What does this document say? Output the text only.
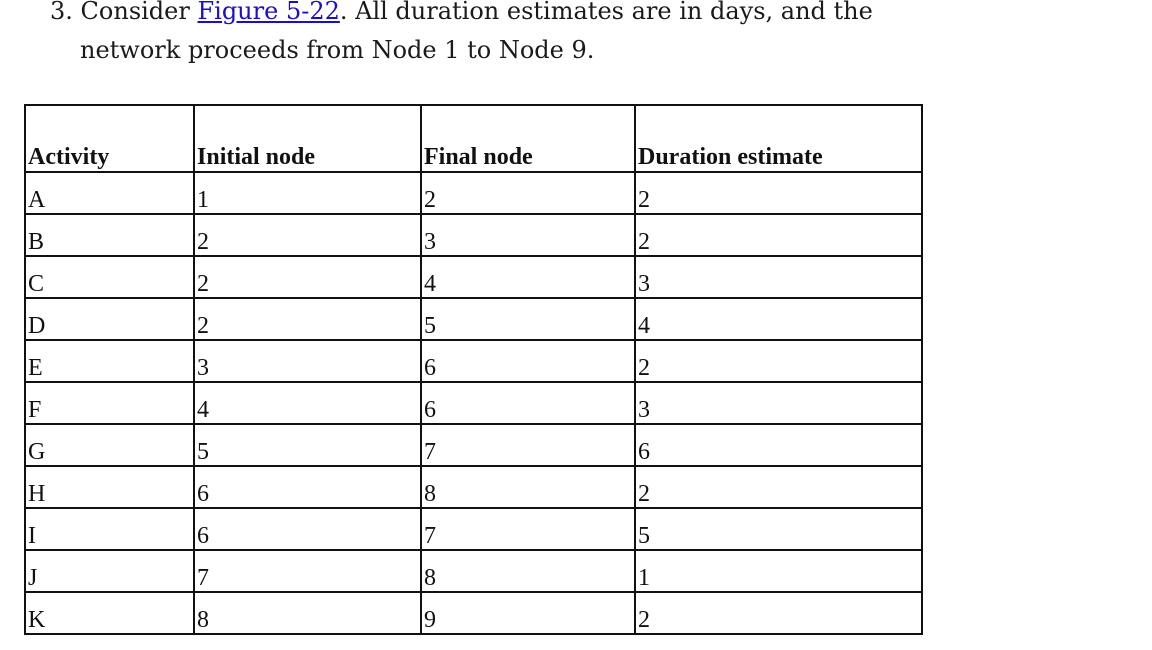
3. Consider Figure 5-22. All duration estimates are in days, and the
network proceeds from Node 1 to Node 9.
Activity	Initial node	Final node	Duration estimate
A	1	2	2
B	2	3	2
C	2	4	3
D	2	5	4
E	3	6	2
F	4	6	3
G	5	7	6
H	6	8	2
I	6	7	5
J	7	8	1
K	8	9	2
